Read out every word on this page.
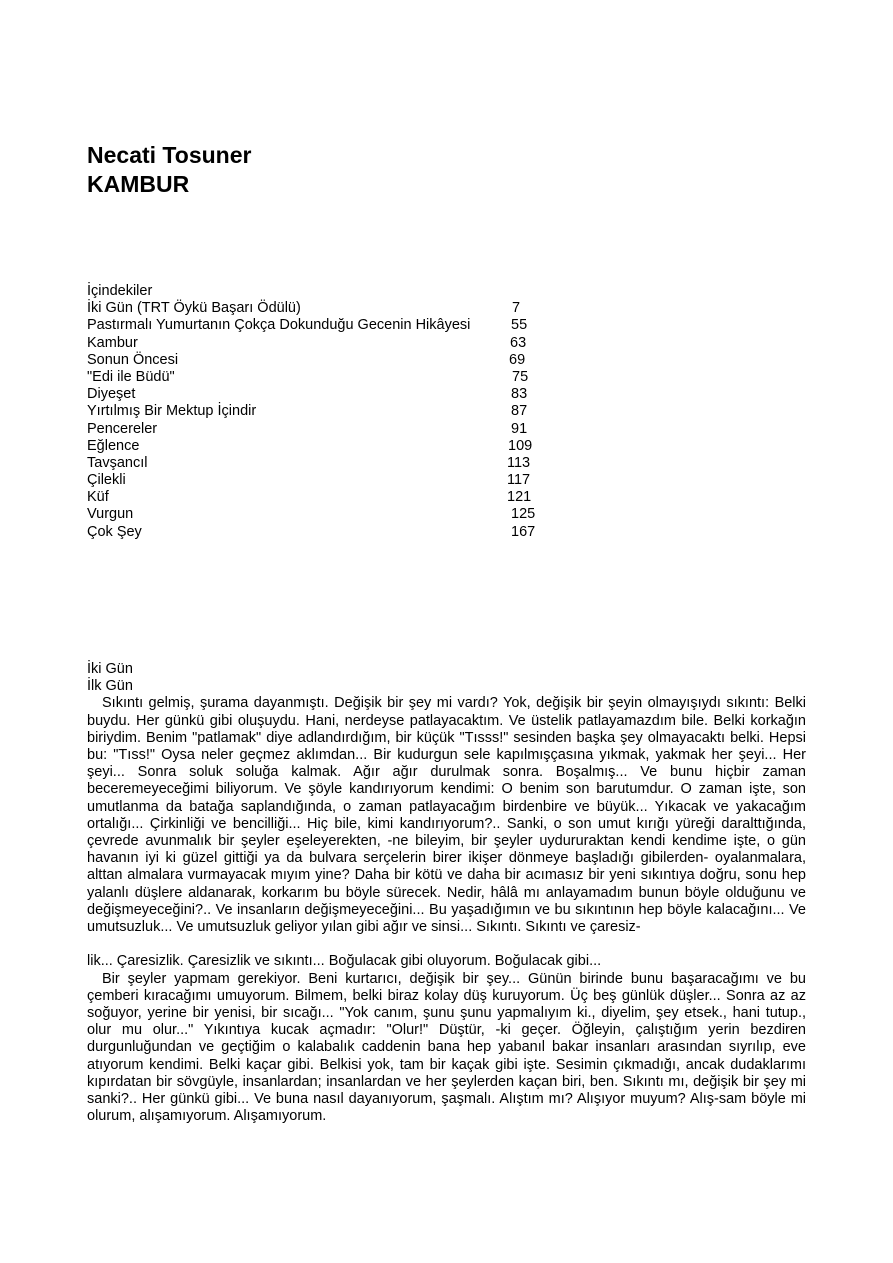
Necati Tosuner

KAMBUR

İçindekiler

İki Gün (TRT Öykü Başarı Ödülü)	7
Pastırmalı Yumurtanın Çokça Dokunduğu Gecenin Hikâyesi	55
Kambur	63
Sonun Öncesi	69
"Edi ile Büdü"	75
Diyeşet	83
Yırtılmış Bir Mektup İçindir	87
Pencereler	91
Eğlence	109
Tavşancıl	113
Çilekli	117
Küf	121
Vurgun	125
Çok Şey	167

İki Gün

İlk Gün

Sıkıntı gelmiş, şurama dayanmıştı. Değişik bir şey mi vardı? Yok, değişik bir şeyin olmayışıydı sıkıntı: Belki buydu. Her günkü gibi oluşuydu. Hani, nerdeyse patlayacaktım. Ve üstelik patlayamazdım bile. Belki korkağın biriydim. Benim "patlamak" diye adlandırdığım, bir küçük "Tısss!" sesinden başka şey olmayacaktı belki. Hepsi bu: "Tıss!" Oysa neler geçmez aklımdan... Bir kudurgun sele kapılmışçasına yıkmak, yakmak her şeyi... Her şeyi... Sonra soluk soluğa kalmak. Ağır ağır durulmak sonra. Boşalmış... Ve bunu hiçbir zaman beceremeyeceğimi biliyorum. Ve şöyle kandırıyorum kendimi: O benim son barutumdur. O zaman işte, son umutlanma da batağa saplandığında, o zaman patlayacağım birdenbire ve büyük... Yıkacak ve yakacağım ortalığı... Çirkinliği ve bencilliği... Hiç bile, kimi kandırıyorum?.. Sanki, o son umut kırığı yüreği daralttığında, çevrede avunmalık bir şeyler eşeleyerekten, -ne bileyim, bir şeyler uydururaktan kendi kendime işte, o gün havanın iyi ki güzel gittiği ya da bulvara serçelerin birer ikişer dönmeye başladığı gibilerden- oyalanmalara, alttan almalara vurmayacak mıyım yine? Daha bir kötü ve daha bir acımasız bir yeni sıkıntıya doğru, sonu hep yalanlı düşlere aldanarak, korkarım bu böyle sürecek. Nedir, hâlâ mı anlayamadım bunun böyle olduğunu ve değişmeyeceğini?.. Ve insanların değişmeyeceğini... Bu yaşadığımın ve bu sıkıntının hep böyle kalacağını... Ve umutsuzluk... Ve umutsuzluk geliyor yılan gibi ağır ve sinsi... Sıkıntı. Sıkıntı ve çaresiz-

lik... Çaresizlik. Çaresizlik ve sıkıntı... Boğulacak gibi oluyorum. Boğulacak gibi...

Bir şeyler yapmam gerekiyor. Beni kurtarıcı, değişik bir şey... Günün birinde bunu başaracağımı ve bu çemberi kıracağımı umuyorum. Bilmem, belki biraz kolay düş kuruyorum. Üç beş günlük düşler... Sonra az az soğuyor, yerine bir yenisi, bir sıcağı... "Yok canım, şunu şunu yapmalıyım ki., diyelim, şey etsek., hani tutup., olur mu olur..." Yıkıntıya kucak açmadır: "Olur!" Düştür, -ki geçer. Öğleyin, çalıştığım yerin bezdiren durgunluğundan ve geçtiğim o kalabalık caddenin bana hep yabanıl bakar insanları arasından sıyrılıp, eve atıyorum kendimi. Belki kaçar gibi. Belkisi yok, tam bir kaçak gibi işte. Sesimin çıkmadığı, ancak dudaklarımı kıpırdatan bir sövgüyle, insanlardan; insanlardan ve her şeylerden kaçan biri, ben. Sıkıntı mı, değişik bir şey mi sanki?.. Her günkü gibi... Ve buna nasıl dayanıyorum, şaşmalı. Alıştım mı? Alışıyor muyum? Alış-sam böyle mi olurum, alışamıyorum. Alışamıyorum.
